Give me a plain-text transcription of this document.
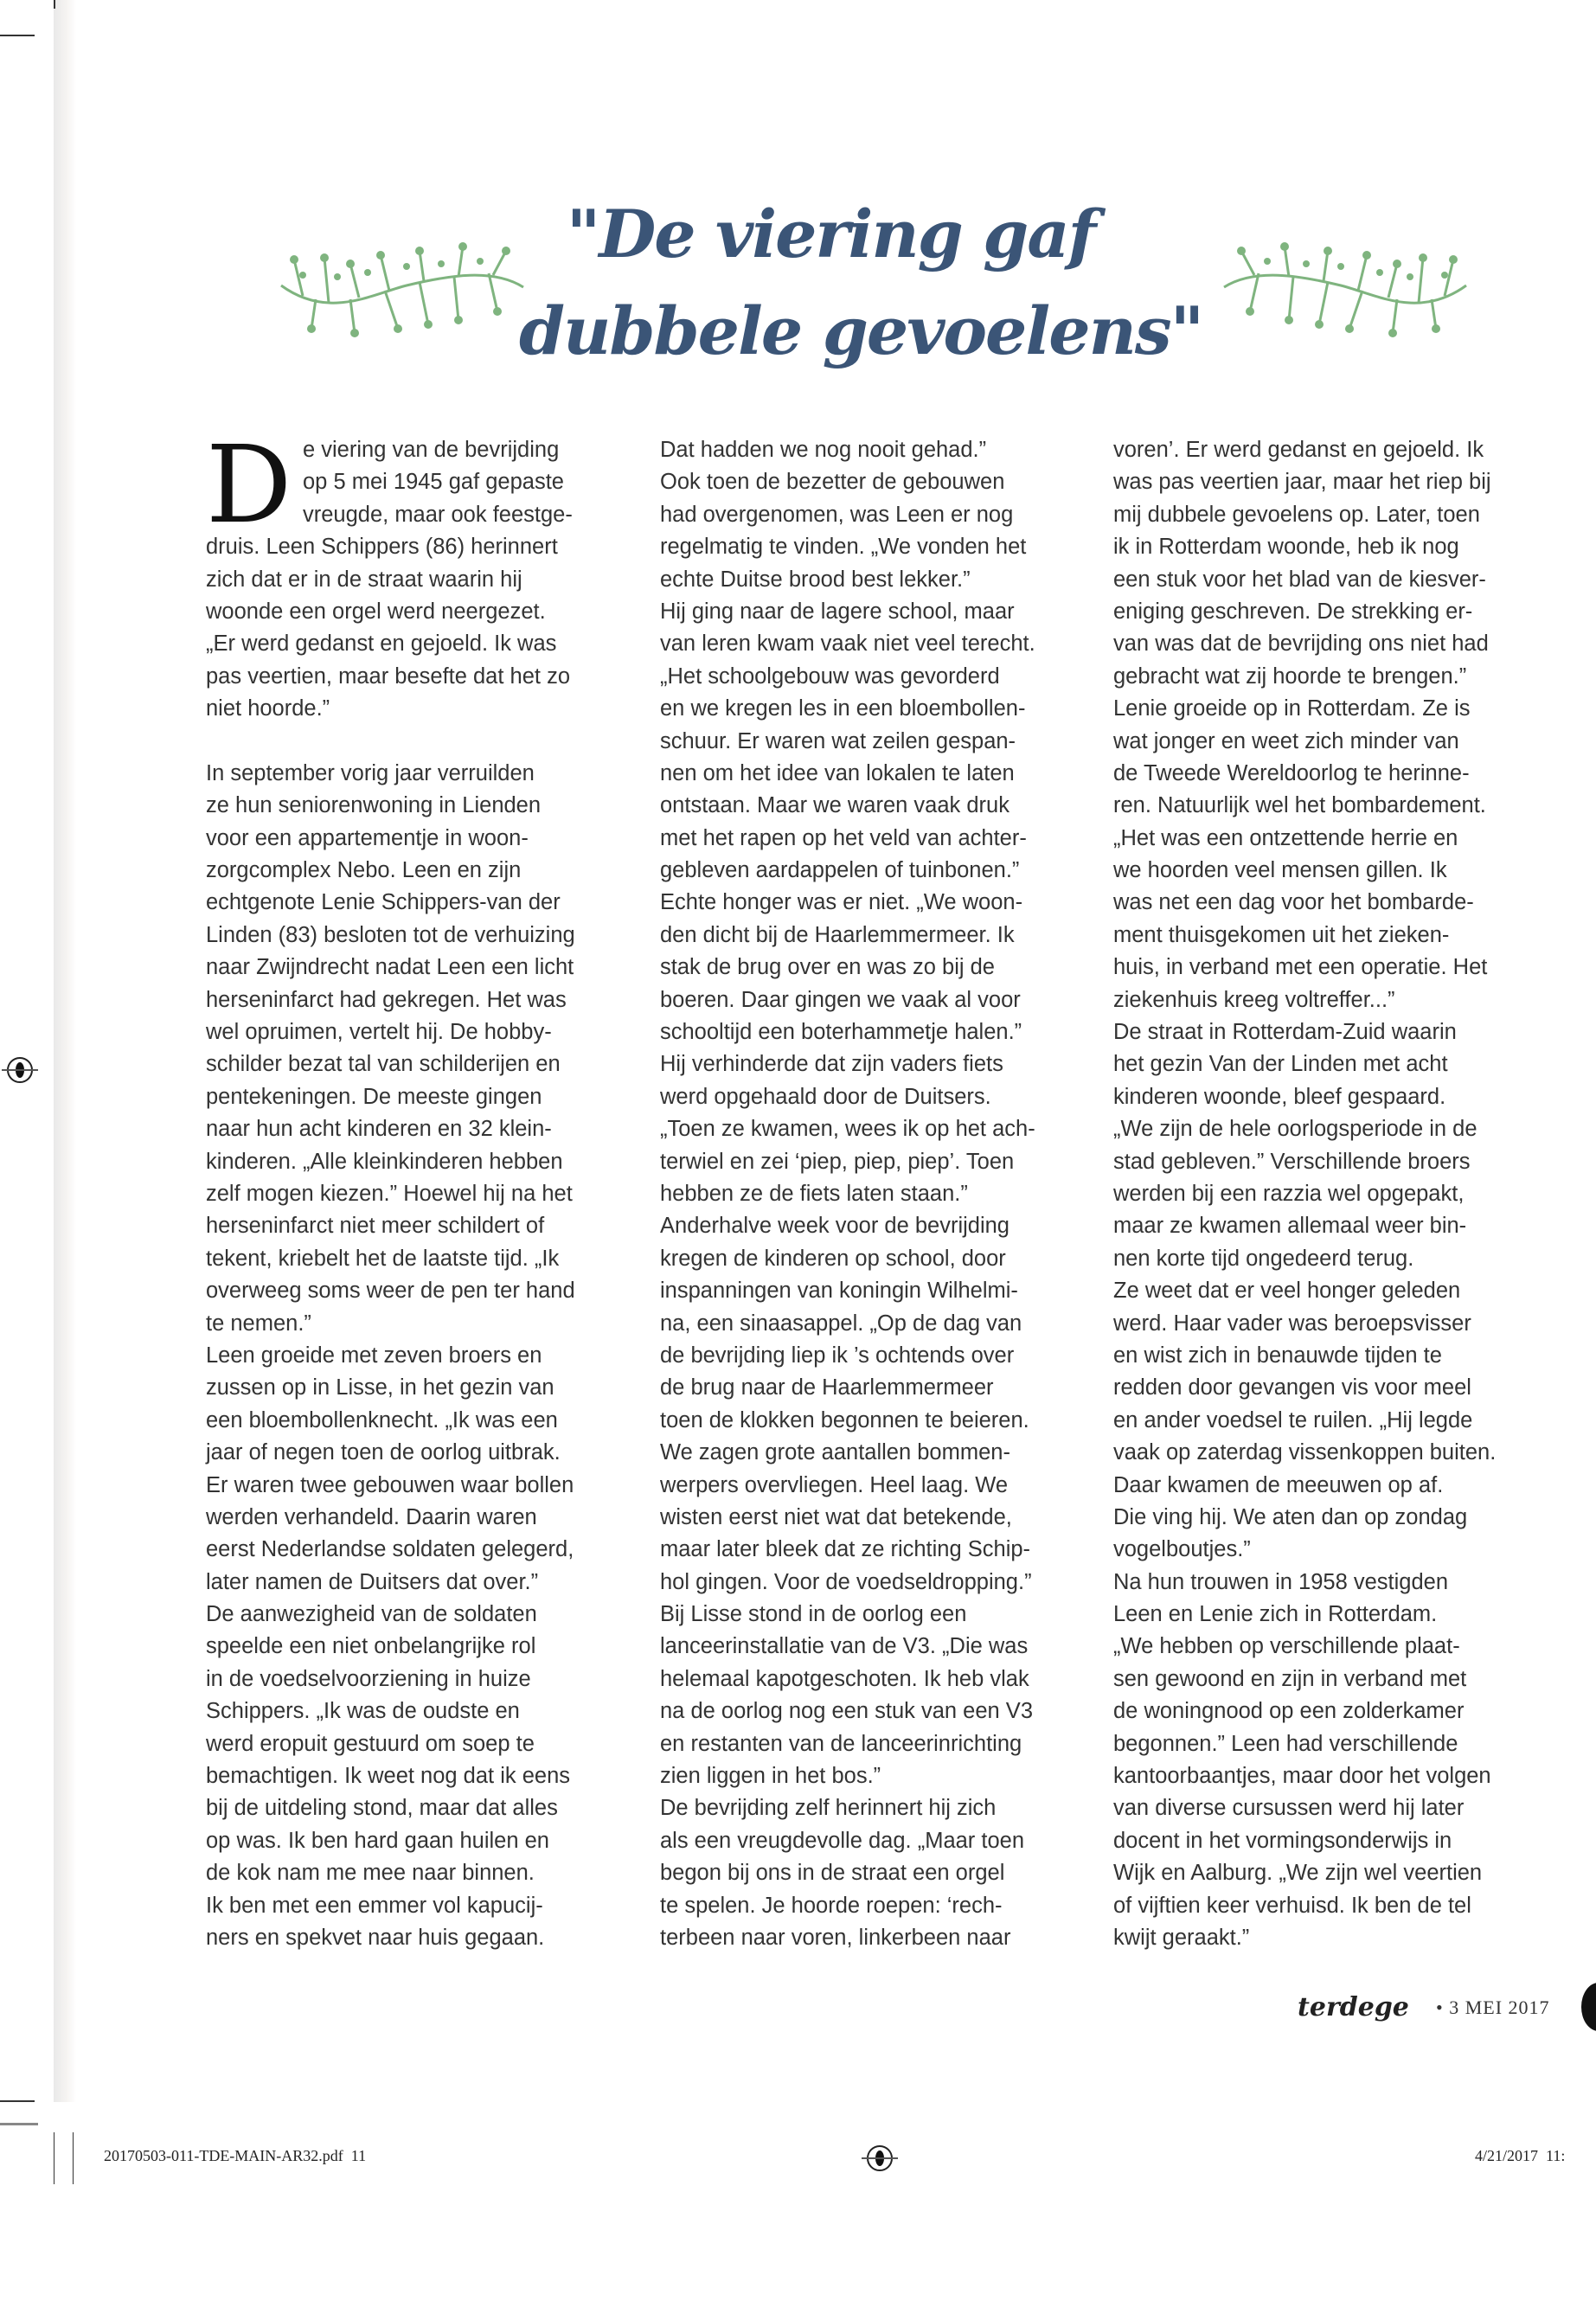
"De viering gaf
dubbele gevoelens"
D e viering van de bevrijding
op 5 mei 1945 gaf gepaste
vreugde, maar ook feestge-
druis. Leen Schippers (86) herinnert
zich dat er in de straat waarin hij
woonde een orgel werd neergezet.
„Er werd gedanst en gejoeld. Ik was
pas veertien, maar besefte dat het zo
niet hoorde.”
In september vorig jaar verruilden
ze hun seniorenwoning in Lienden
voor een appartementje in woon-
zorgcomplex Nebo. Leen en zijn
echtgenote Lenie Schippers-van der
Linden (83) besloten tot de verhuizing
naar Zwijndrecht nadat Leen een licht
herseninfarct had gekregen. Het was
wel opruimen, vertelt hij. De hobby-
schilder bezat tal van schilderijen en
pentekeningen. De meeste gingen
naar hun acht kinderen en 32 klein-
kinderen. „Alle kleinkinderen hebben
zelf mogen kiezen.” Hoewel hij na het
herseninfarct niet meer schildert of
tekent, kriebelt het de laatste tijd. „Ik
overweeg soms weer de pen ter hand
te nemen.”
Leen groeide met zeven broers en
zussen op in Lisse, in het gezin van
een bloembollenknecht. „Ik was een
jaar of negen toen de oorlog uitbrak.
Er waren twee gebouwen waar bollen
werden verhandeld. Daarin waren
eerst Nederlandse soldaten gelegerd,
later namen de Duitsers dat over.”
De aanwezigheid van de soldaten
speelde een niet onbelangrijke rol
in de voedselvoorziening in huize
Schippers. „Ik was de oudste en
werd eropuit gestuurd om soep te
bemachtigen. Ik weet nog dat ik eens
bij de uitdeling stond, maar dat alles
op was. Ik ben hard gaan huilen en
de kok nam me mee naar binnen.
Ik ben met een emmer vol kapucij-
ners en spekvet naar huis gegaan.
Dat hadden we nog nooit gehad.”
Ook toen de bezetter de gebouwen
had overgenomen, was Leen er nog
regelmatig te vinden. „We vonden het
echte Duitse brood best lekker.”
Hij ging naar de lagere school, maar
van leren kwam vaak niet veel terecht.
„Het schoolgebouw was gevorderd
en we kregen les in een bloembollen-
schuur. Er waren wat zeilen gespan-
nen om het idee van lokalen te laten
ontstaan. Maar we waren vaak druk
met het rapen op het veld van achter-
gebleven aardappelen of tuinbonen.”
Echte honger was er niet. „We woon-
den dicht bij de Haarlemmermeer. Ik
stak de brug over en was zo bij de
boeren. Daar gingen we vaak al voor
schooltijd een boterhammetje halen.”
Hij verhinderde dat zijn vaders fiets
werd opgehaald door de Duitsers.
„Toen ze kwamen, wees ik op het ach-
terwiel en zei ‘piep, piep, piep’. Toen
hebben ze de fiets laten staan.”
Anderhalve week voor de bevrijding
kregen de kinderen op school, door
inspanningen van koningin Wilhelmi-
na, een sinaasappel. „Op de dag van
de bevrijding liep ik ’s ochtends over
de brug naar de Haarlemmermeer
toen de klokken begonnen te beieren.
We zagen grote aantallen bommen-
werpers overvliegen. Heel laag. We
wisten eerst niet wat dat betekende,
maar later bleek dat ze richting Schip-
hol gingen. Voor de voedseldropping.”
Bij Lisse stond in de oorlog een
lanceerinstallatie van de V3. „Die was
helemaal kapotgeschoten. Ik heb vlak
na de oorlog nog een stuk van een V3
en restanten van de lanceerinrichting
zien liggen in het bos.”
De bevrijding zelf herinnert hij zich
als een vreugdevolle dag. „Maar toen
begon bij ons in de straat een orgel
te spelen. Je hoorde roepen: ‘rech-
terbeen naar voren, linkerbeen naar
voren’. Er werd gedanst en gejoeld. Ik
was pas veertien jaar, maar het riep bij
mij dubbele gevoelens op. Later, toen
ik in Rotterdam woonde, heb ik nog
een stuk voor het blad van de kiesver-
eniging geschreven. De strekking er-
van was dat de bevrijding ons niet had
gebracht wat zij hoorde te brengen.”
Lenie groeide op in Rotterdam. Ze is
wat jonger en weet zich minder van
de Tweede Wereldoorlog te herinne-
ren. Natuurlijk wel het bombardement.
„Het was een ontzettende herrie en
we hoorden veel mensen gillen. Ik
was net een dag voor het bombarde-
ment thuisgekomen uit het zieken-
huis, in verband met een operatie. Het
ziekenhuis kreeg voltreffer...”
De straat in Rotterdam-Zuid waarin
het gezin Van der Linden met acht
kinderen woonde, bleef gespaard.
„We zijn de hele oorlogsperiode in de
stad gebleven.” Verschillende broers
werden bij een razzia wel opgepakt,
maar ze kwamen allemaal weer bin-
nen korte tijd ongedeerd terug.
Ze weet dat er veel honger geleden
werd. Haar vader was beroepsvisser
en wist zich in benauwde tijden te
redden door gevangen vis voor meel
en ander voedsel te ruilen. „Hij legde
vaak op zaterdag vissenkoppen buiten.
Daar kwamen de meeuwen op af.
Die ving hij. We aten dan op zondag
vogelboutjes.”
Na hun trouwen in 1958 vestigden
Leen en Lenie zich in Rotterdam.
„We hebben op verschillende plaat-
sen gewoond en zijn in verband met
de woningnood op een zolderkamer
begonnen.” Leen had verschillende
kantoorbaantjes, maar door het volgen
van diverse cursussen werd hij later
docent in het vormingsonderwijs in
Wijk en Aalburg. „We zijn wel veertien
of vijftien keer verhuisd. Ik ben de tel
kwijt geraakt.”
terdege • 3 MEI 2017
20170503-011-TDE-MAIN-AR32.pdf  11	4/21/2017  11:
